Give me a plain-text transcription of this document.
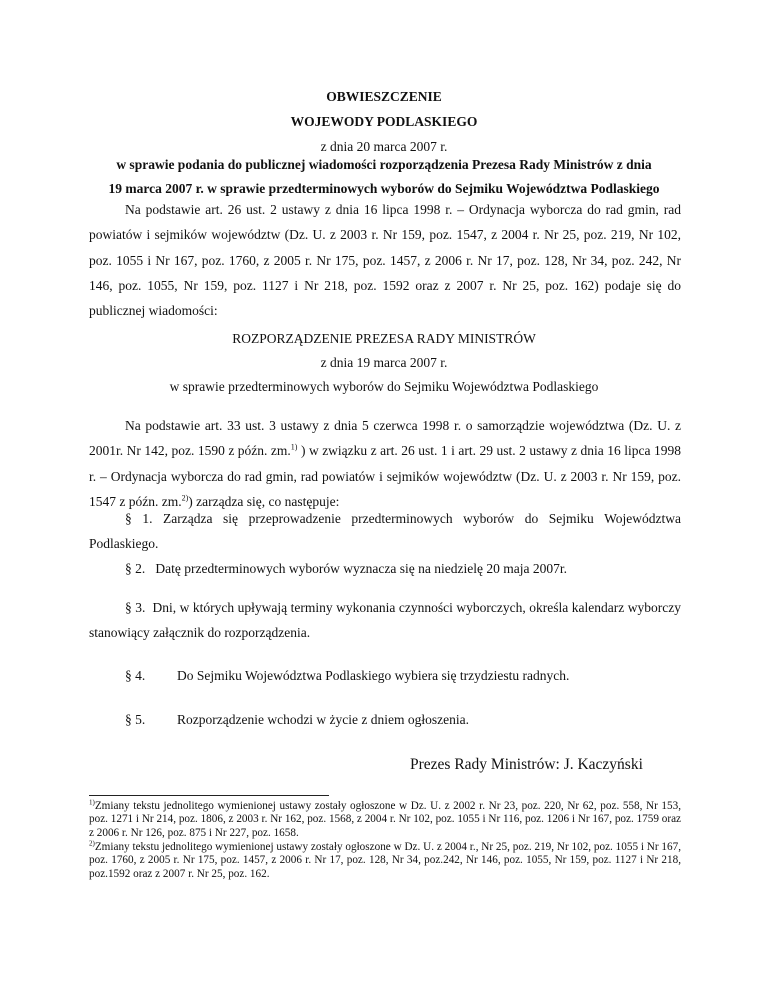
OBWIESZCZENIE
WOJEWODY PODLASKIEGO
z dnia 20 marca 2007 r.
w sprawie podania do publicznej wiadomości rozporządzenia Prezesa Rady Ministrów z dnia
19 marca 2007 r. w sprawie przedterminowych wyborów do Sejmiku Województwa Podlaskiego
Na podstawie art. 26 ust. 2 ustawy z dnia 16 lipca 1998 r. – Ordynacja wyborcza do rad gmin, rad powiatów i sejmików województw (Dz. U. z 2003 r. Nr 159, poz. 1547, z 2004 r. Nr 25, poz. 219, Nr 102, poz. 1055 i Nr 167, poz. 1760, z 2005 r. Nr 175, poz. 1457, z 2006 r. Nr 17, poz. 128, Nr 34, poz. 242, Nr 146, poz. 1055, Nr 159, poz. 1127 i Nr 218, poz. 1592 oraz z 2007 r. Nr 25, poz. 162) podaje się do publicznej wiadomości:
ROZPORZĄDZENIE PREZESA RADY MINISTRÓW
z dnia 19 marca 2007 r.
w sprawie przedterminowych wyborów do Sejmiku Województwa Podlaskiego
Na podstawie art. 33 ust. 3 ustawy z dnia 5 czerwca 1998 r. o samorządzie województwa (Dz. U. z 2001r. Nr 142, poz. 1590 z późn. zm.$^{1)}$ ) w związku z art. 26 ust. 1 i art. 29 ust. 2 ustawy z dnia 16 lipca 1998 r. – Ordynacja wyborcza do rad gmin, rad powiatów i sejmików województw (Dz. U. z 2003 r. Nr 159, poz. 1547 z późn. zm.$^{2)}$) zarządza się, co następuje:
§ 1. Zarządza się przeprowadzenie przedterminowych wyborów do Sejmiku Województwa Podlaskiego.
§ 2. Datę przedterminowych wyborów wyznacza się na niedzielę 20 maja 2007r.
§ 3. Dni, w których upływają terminy wykonania czynności wyborczych, określa kalendarz wyborczy stanowiący załącznik do rozporządzenia.
§ 4. Do Sejmiku Województwa Podlaskiego wybiera się trzydziestu radnych.
§ 5. Rozporządzenie wchodzi w życie z dniem ogłoszenia.
Prezes Rady Ministrów: J. Kaczyński
$^{1)}$Zmiany tekstu jednolitego wymienionej ustawy zostały ogłoszone w Dz. U. z 2002 r. Nr 23, poz. 220, Nr 62, poz. 558, Nr 153, poz. 1271 i Nr 214, poz. 1806, z 2003 r. Nr 162, poz. 1568, z 2004 r. Nr 102, poz. 1055 i Nr 116, poz. 1206 i Nr 167, poz. 1759 oraz z 2006 r. Nr 126, poz. 875 i Nr 227, poz. 1658.
$^{2)}$Zmiany tekstu jednolitego wymienionej ustawy zostały ogłoszone w Dz. U. z 2004 r., Nr 25, poz. 219, Nr 102, poz. 1055 i Nr 167, poz. 1760, z 2005 r. Nr 175, poz. 1457, z 2006 r. Nr 17, poz. 128, Nr 34, poz.242, Nr 146, poz. 1055, Nr 159, poz. 1127 i Nr 218, poz.1592 oraz z 2007 r. Nr 25, poz. 162.
